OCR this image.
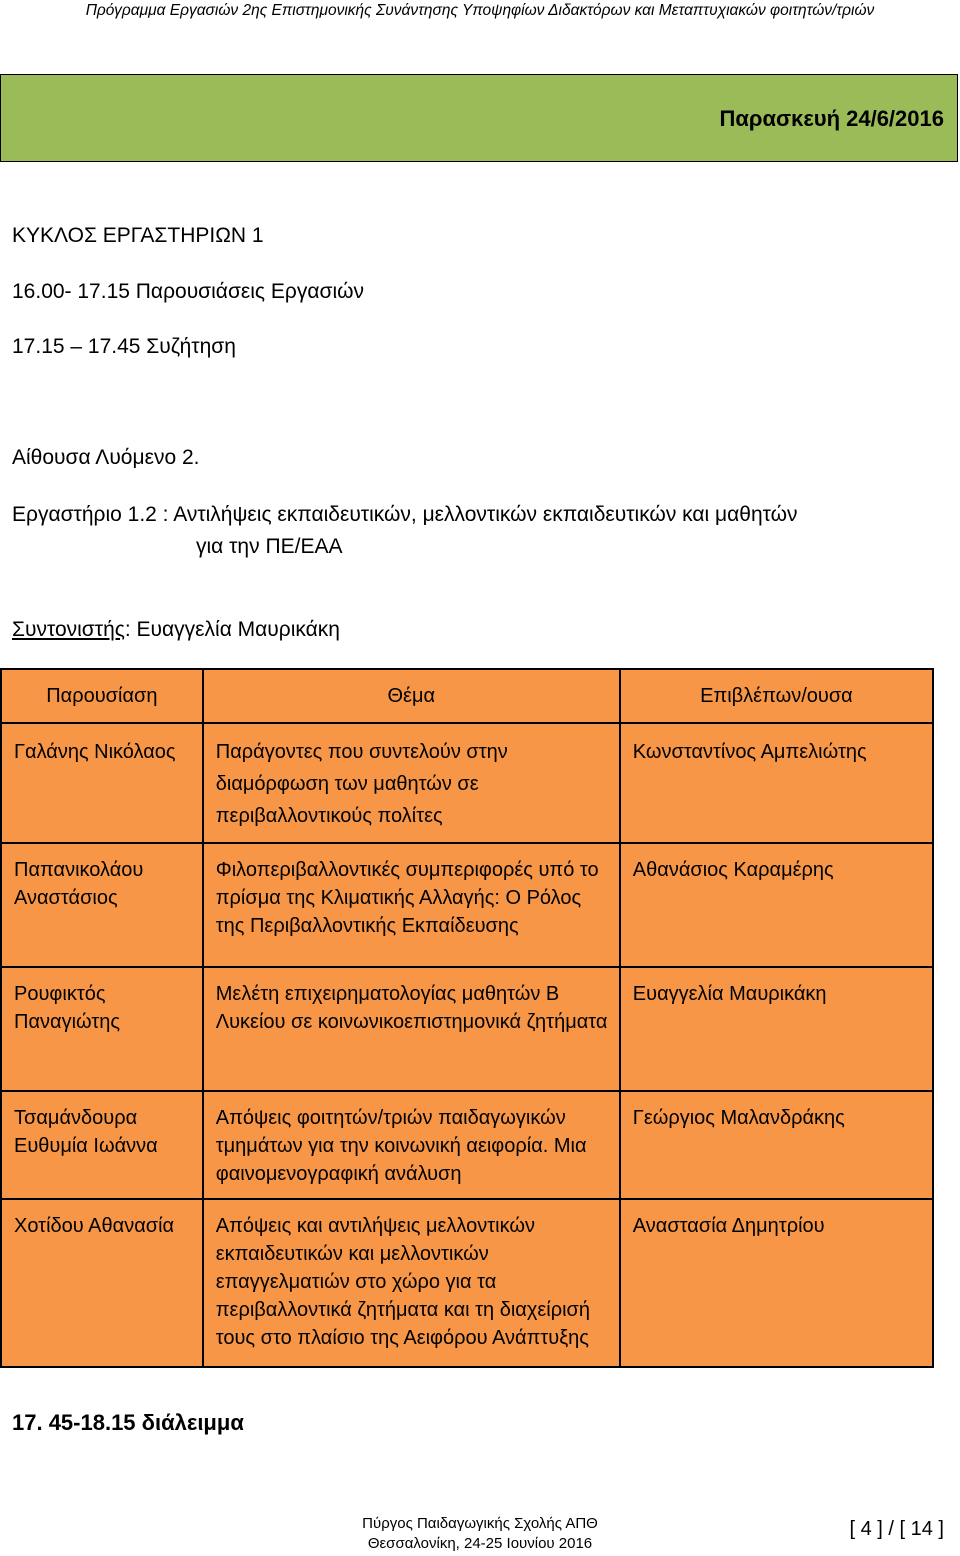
Πρόγραμμα Εργασιών 2ης Επιστημονικής Συνάντησης Υποψηφίων Διδακτόρων και Μεταπτυχιακών φοιτητών/τριών
Παρασκευή 24/6/2016
ΚΥΚΛΟΣ ΕΡΓΑΣΤΗΡΙΩΝ 1
16.00- 17.15 Παρουσιάσεις Εργασιών
17.15 – 17.45 Συζήτηση
Αίθουσα Λυόμενο 2.
Εργαστήριο 1.2 : Αντιλήψεις εκπαιδευτικών, μελλοντικών εκπαιδευτικών και μαθητών
για την ΠΕ/ΕΑΑ
Συντονιστής: Ευαγγελία Μαυρικάκη
Παρουσίαση	Θέμα	Επιβλέπων/ουσα
Γαλάνης Νικόλαος	Παράγοντες που συντελούν στην διαμόρφωση των μαθητών σε περιβαλλοντικούς πολίτες	Κωνσταντίνος Αμπελιώτης
Παπανικολάου Αναστάσιος	Φιλοπεριβαλλοντικές συμπεριφορές υπό το πρίσμα της Κλιματικής Αλλαγής: Ο Ρόλος της Περιβαλλοντικής Εκπαίδευσης	Αθανάσιος Καραμέρης
Ρουφικτός Παναγιώτης	Μελέτη επιχειρηματολογίας μαθητών Β Λυκείου σε κοινωνικοεπιστημονικά ζητήματα	Ευαγγελία Μαυρικάκη
Τσαμάνδουρα Ευθυμία Ιωάννα	Απόψεις φοιτητών/τριών παιδαγωγικών τμημάτων για την κοινωνική αειφορία. Μια φαινομενογραφική ανάλυση	Γεώργιος Μαλανδράκης
Χοτίδου Αθανασία	Απόψεις και αντιλήψεις μελλοντικών εκπαιδευτικών και μελλοντικών επαγγελματιών στο χώρο για τα περιβαλλοντικά ζητήματα και τη διαχείρισή τους στο πλαίσιο της Αειφόρου Ανάπτυξης	Αναστασία Δημητρίου
17. 45-18.15 διάλειμμα
Πύργος Παιδαγωγικής Σχολής ΑΠΘ
Θεσσαλονίκη, 24-25 Ιουνίου 2016
[ 4 ] / [ 14 ]
